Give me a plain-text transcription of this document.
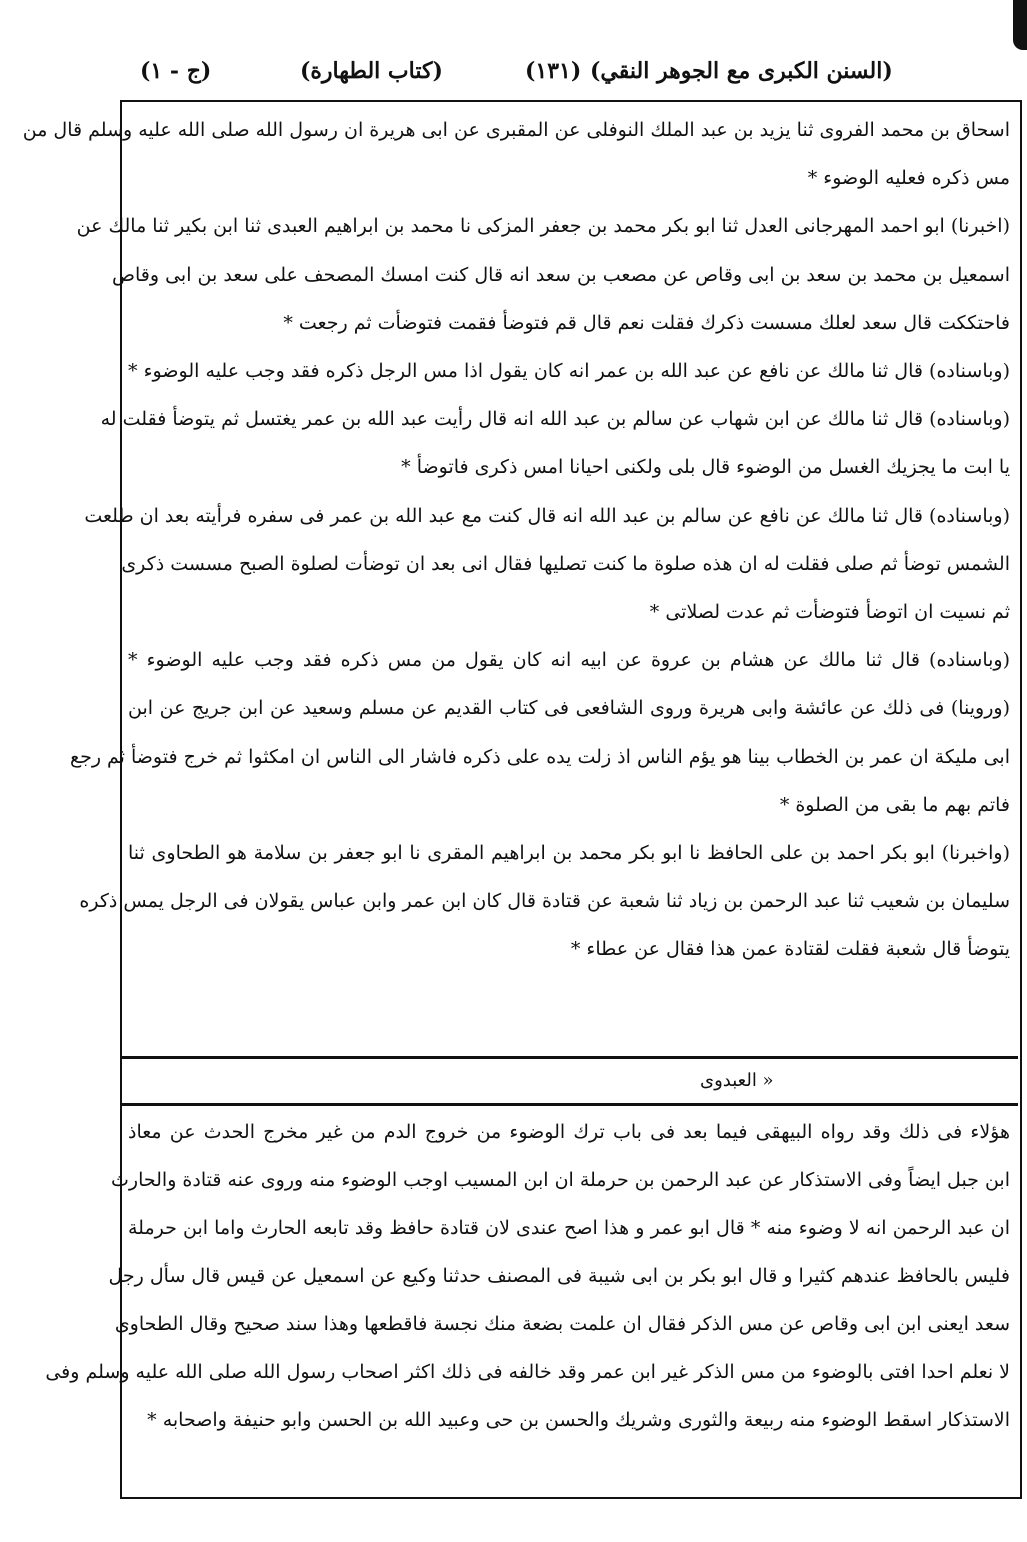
(السنن الكبرى مع الجوهر النقي)
(١٣١)
(كتاب الطهارة)
(ج - ١)
« العبدوى
اسحاق بن محمد الفروى ثنا يزيد بن عبد الملك النوفلى عن المقبرى عن ابى هريرة ان رسول الله صلى الله عليه وسلم قال من
مس ذكره فعليه الوضوء *
(اخبرنا) ابو احمد المهرجانى العدل ثنا ابو بكر محمد بن جعفر المزكى نا محمد بن ابراهيم العبدى ثنا ابن بكير ثنا مالك عن
اسمعيل بن محمد بن سعد بن ابى وقاص عن مصعب بن سعد انه قال كنت امسك المصحف على سعد بن ابى وقاص
فاحتككت قال سعد لعلك مسست ذكرك فقلت نعم قال قم فتوضأ فقمت فتوضأت ثم رجعت *
(وباسناده) قال ثنا مالك عن نافع عن عبد الله بن عمر انه كان يقول اذا مس الرجل ذكره فقد وجب عليه الوضوء *
(وباسناده) قال ثنا مالك عن ابن شهاب عن سالم بن عبد الله انه قال رأيت عبد الله بن عمر يغتسل ثم يتوضأ فقلت له
يا ابت ما يجزيك الغسل من الوضوء قال بلى ولكنى احيانا امس ذكرى فاتوضأ *
(وباسناده) قال ثنا مالك عن نافع عن سالم بن عبد الله انه قال كنت مع عبد الله بن عمر فى سفره فرأيته بعد ان طلعت
الشمس توضأ ثم صلى فقلت له ان هذه صلوة ما كنت تصليها فقال انى بعد ان توضأت لصلوة الصبح مسست ذكرى
ثم نسيت ان اتوضأ فتوضأت ثم عدت لصلاتى *
(وباسناده) قال ثنا مالك عن هشام بن عروة عن ابيه انه كان يقول من مس ذكره فقد وجب عليه الوضوء *
(وروينا) فى ذلك عن عائشة وابى هريرة وروى الشافعى فى كتاب القديم عن مسلم وسعيد عن ابن جريج عن ابن
ابى مليكة ان عمر بن الخطاب بينا هو يؤم الناس اذ زلت يده على ذكره فاشار الى الناس ان امكثوا ثم خرج فتوضأ ثم رجع
فاتم بهم ما بقى من الصلوة *
(واخبرنا) ابو بكر احمد بن على الحافظ نا ابو بكر محمد بن ابراهيم المقرى نا ابو جعفر بن سلامة هو الطحاوى ثنا
سليمان بن شعيب ثنا عبد الرحمن بن زياد ثنا شعبة عن قتادة قال كان ابن عمر وابن عباس يقولان فى الرجل يمس ذكره
يتوضأ قال شعبة فقلت لقتادة عمن هذا فقال عن عطاء *
هؤلاء فى ذلك وقد رواه البيهقى فيما بعد فى باب ترك الوضوء من خروج الدم من غير مخرج الحدث عن معاذ
ابن جبل ايضاً وفى الاستذكار عن عبد الرحمن بن حرملة ان ابن المسيب اوجب الوضوء منه وروى عنه قتادة والحارث
ان عبد الرحمن انه لا وضوء منه * قال ابو عمر و هذا اصح عندى لان قتادة حافظ وقد تابعه الحارث واما ابن حرملة
فليس بالحافظ عندهم كثيرا و قال ابو بكر بن ابى شيبة فى المصنف حدثنا وكيع عن اسمعيل عن قيس قال سأل رجل
سعد ايعنى ابن ابى وقاص عن مس الذكر فقال ان علمت بضعة منك نجسة فاقطعها وهذا سند صحيح وقال الطحاوى
لا نعلم احدا افتى بالوضوء من مس الذكر غير ابن عمر وقد خالفه فى ذلك اكثر اصحاب رسول الله صلى الله عليه وسلم وفى
الاستذكار اسقط الوضوء منه ربيعة والثورى وشريك والحسن بن حى وعبيد الله بن الحسن وابو حنيفة واصحابه *
